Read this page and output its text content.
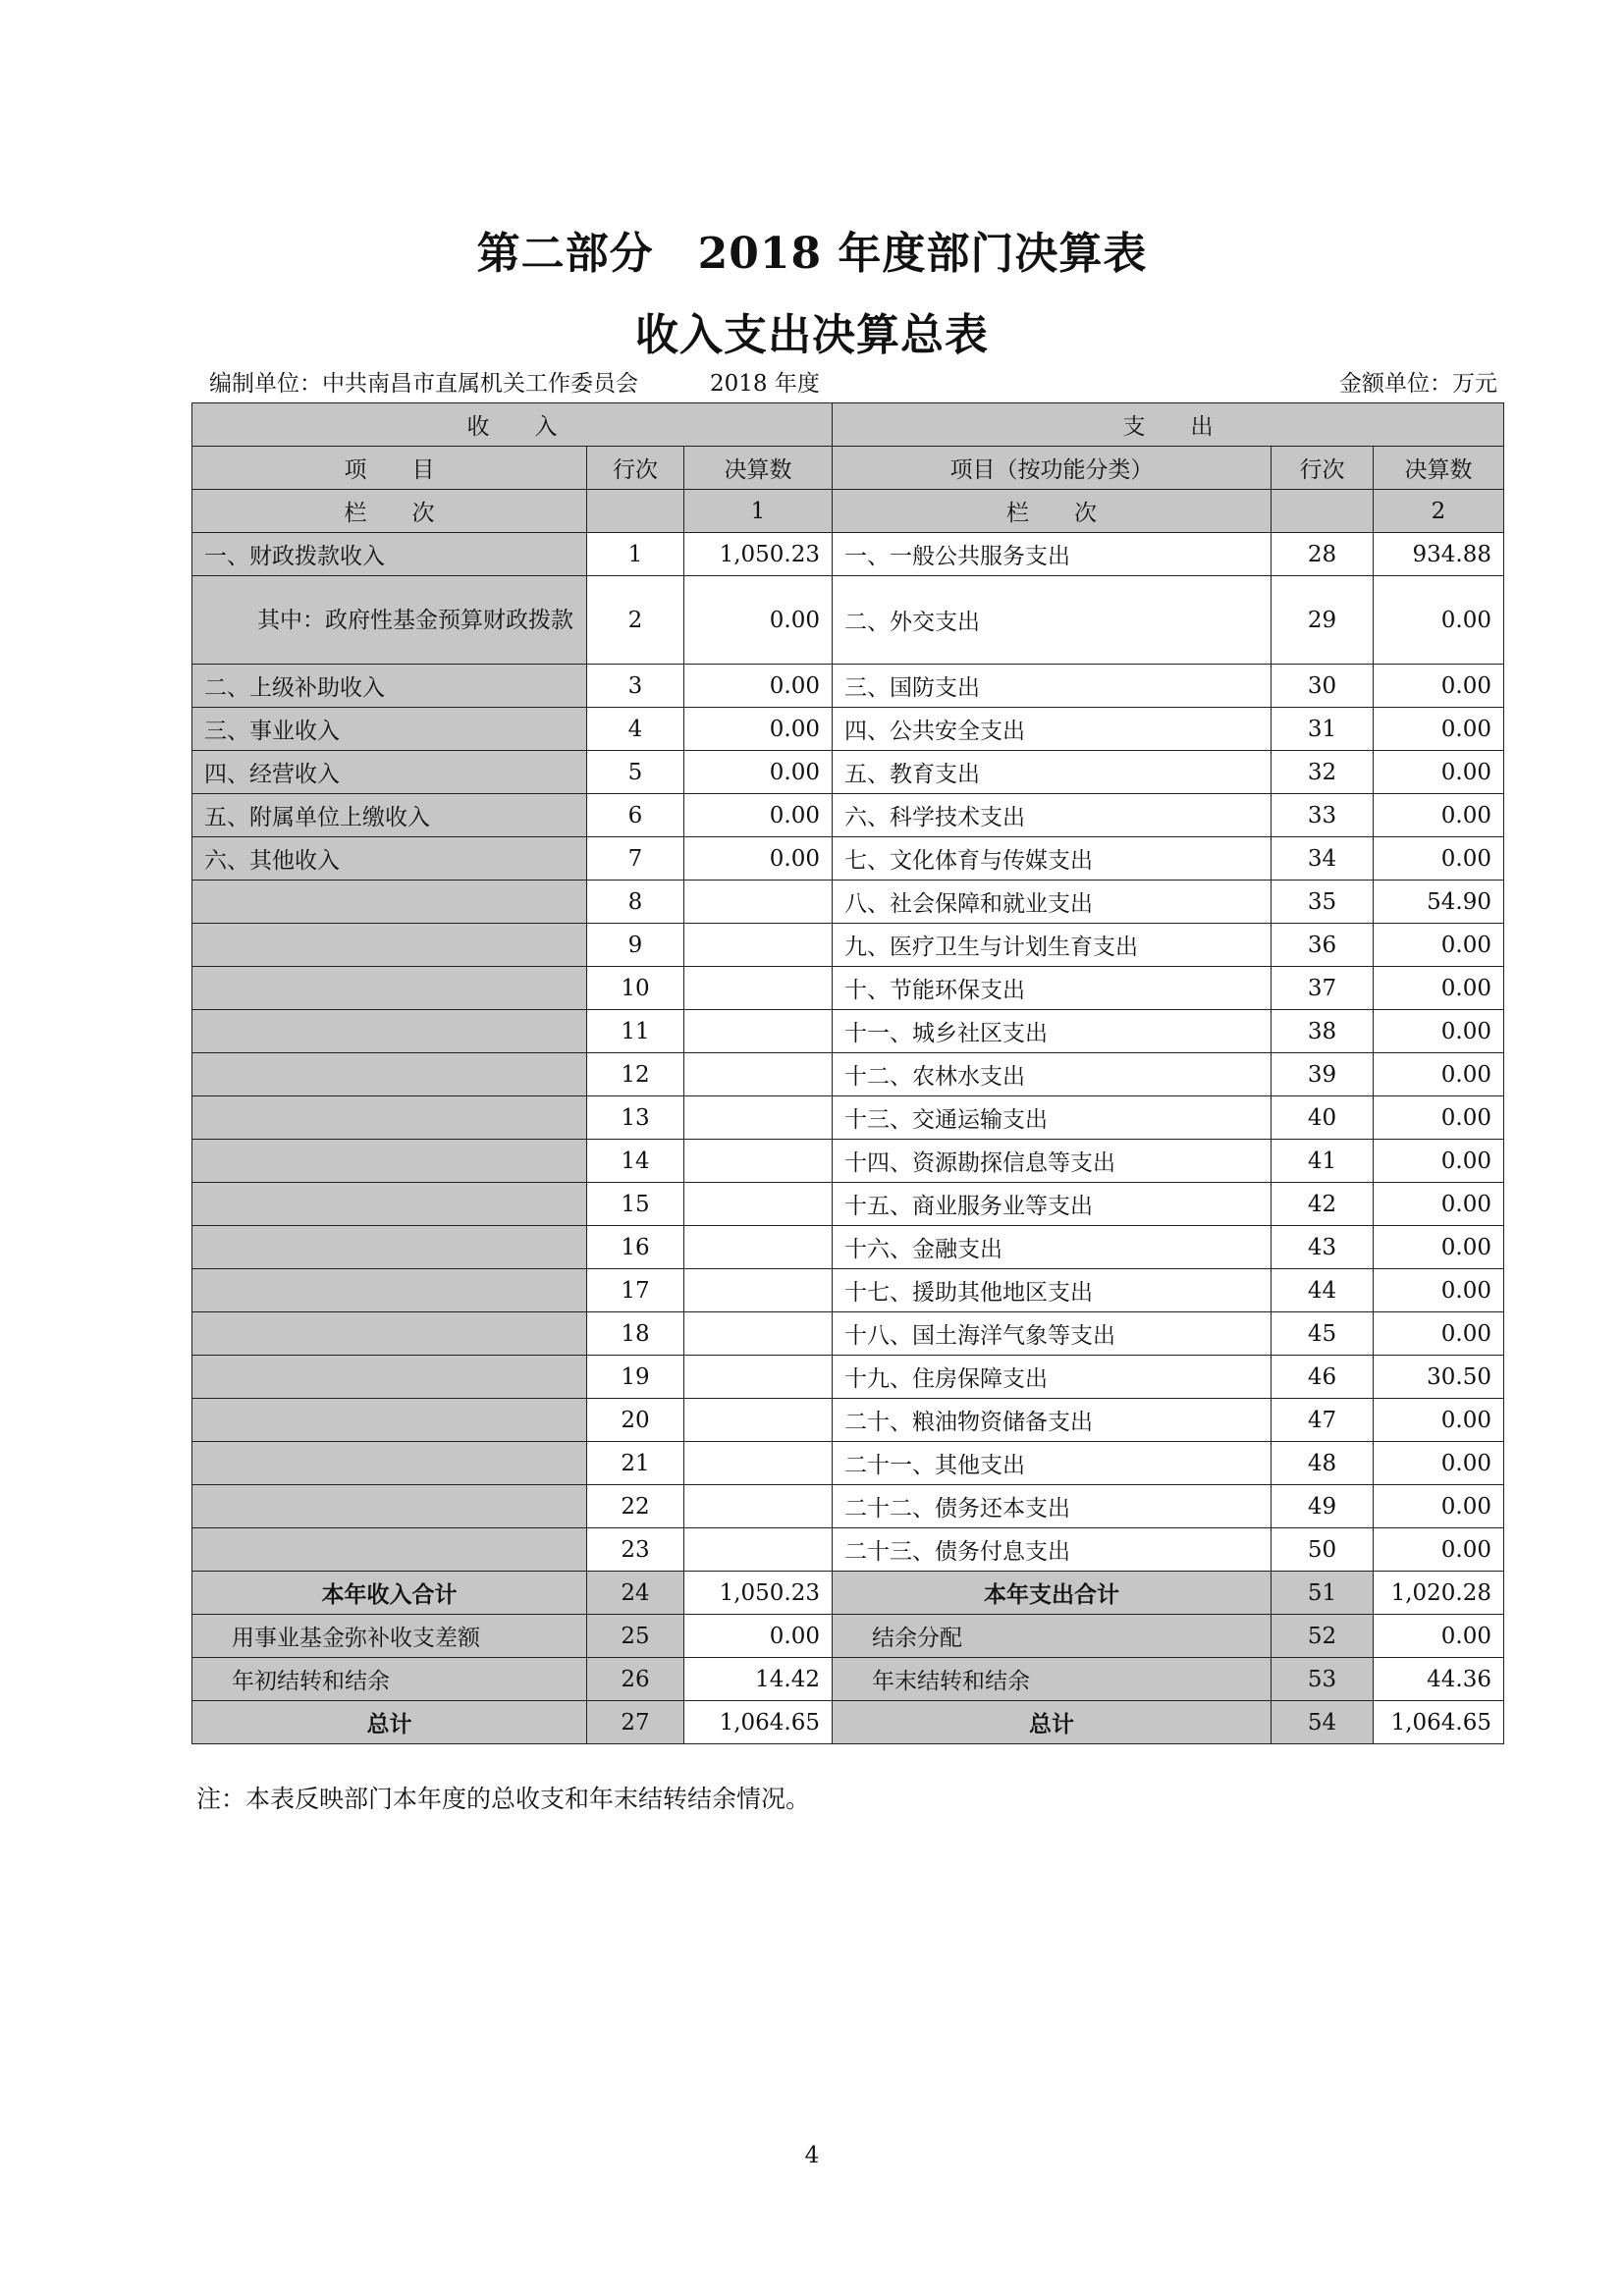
第二部分　2018 年度部门决算表
收入支出决算总表
编制单位：中共南昌市直属机关工作委员会	2018 年度	金额单位：万元
收　　入			支　　出		
项　　目	行次	决算数	项目（按功能分类）	行次	决算数
栏　　次		1	栏　　次		2
一、财政拨款收入	1	1,050.23	一、一般公共服务支出	28	934.88
其中：政府性基金预算财政拨款	2	0.00	二、外交支出	29	0.00
二、上级补助收入	3	0.00	三、国防支出	30	0.00
三、事业收入	4	0.00	四、公共安全支出	31	0.00
四、经营收入	5	0.00	五、教育支出	32	0.00
五、附属单位上缴收入	6	0.00	六、科学技术支出	33	0.00
六、其他收入	7	0.00	七、文化体育与传媒支出	34	0.00
	8		八、社会保障和就业支出	35	54.90
	9		九、医疗卫生与计划生育支出	36	0.00
	10		十、节能环保支出	37	0.00
	11		十一、城乡社区支出	38	0.00
	12		十二、农林水支出	39	0.00
	13		十三、交通运输支出	40	0.00
	14		十四、资源勘探信息等支出	41	0.00
	15		十五、商业服务业等支出	42	0.00
	16		十六、金融支出	43	0.00
	17		十七、援助其他地区支出	44	0.00
	18		十八、国土海洋气象等支出	45	0.00
	19		十九、住房保障支出	46	30.50
	20		二十、粮油物资储备支出	47	0.00
	21		二十一、其他支出	48	0.00
	22		二十二、债务还本支出	49	0.00
	23		二十三、债务付息支出	50	0.00
本年收入合计	24	1,050.23	本年支出合计	51	1,020.28
用事业基金弥补收支差额	25	0.00	结余分配	52	0.00
年初结转和结余	26	14.42	年末结转和结余	53	44.36
总计	27	1,064.65	总计	54	1,064.65
注：本表反映部门本年度的总收支和年末结转结余情况。
4
